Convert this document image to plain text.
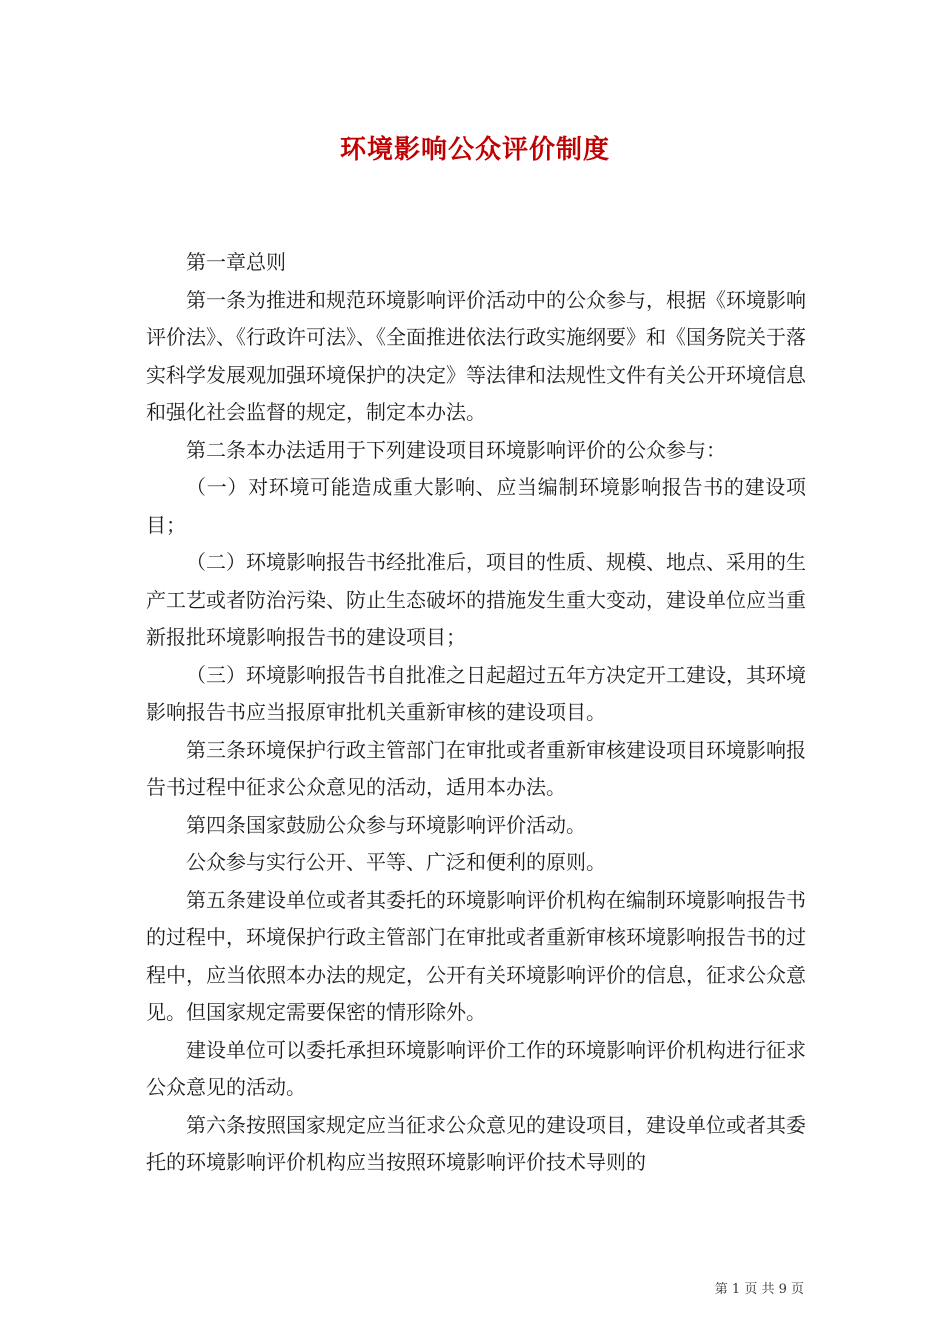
环境影响公众评价制度

第一章总则

第一条为推进和规范环境影响评价活动中的公众参与，根据《环境影响评价法》、《行政许可法》、《全面推进依法行政实施纲要》和《国务院关于落实科学发展观加强环境保护的决定》等法律和法规性文件有关公开环境信息和强化社会监督的规定，制定本办法。

第二条本办法适用于下列建设项目环境影响评价的公众参与：

（一）对环境可能造成重大影响、应当编制环境影响报告书的建设项目；

（二）环境影响报告书经批准后，项目的性质、规模、地点、采用的生产工艺或者防治污染、防止生态破坏的措施发生重大变动，建设单位应当重新报批环境影响报告书的建设项目；

（三）环境影响报告书自批准之日起超过五年方决定开工建设，其环境影响报告书应当报原审批机关重新审核的建设项目。

第三条环境保护行政主管部门在审批或者重新审核建设项目环境影响报告书过程中征求公众意见的活动，适用本办法。

第四条国家鼓励公众参与环境影响评价活动。

公众参与实行公开、平等、广泛和便利的原则。

第五条建设单位或者其委托的环境影响评价机构在编制环境影响报告书的过程中，环境保护行政主管部门在审批或者重新审核环境影响报告书的过程中，应当依照本办法的规定，公开有关环境影响评价的信息，征求公众意见。但国家规定需要保密的情形除外。

建设单位可以委托承担环境影响评价工作的环境影响评价机构进行征求公众意见的活动。

第六条按照国家规定应当征求公众意见的建设项目，建设单位或者其委托的环境影响评价机构应当按照环境影响评价技术导则的

第 1 页 共 9 页
